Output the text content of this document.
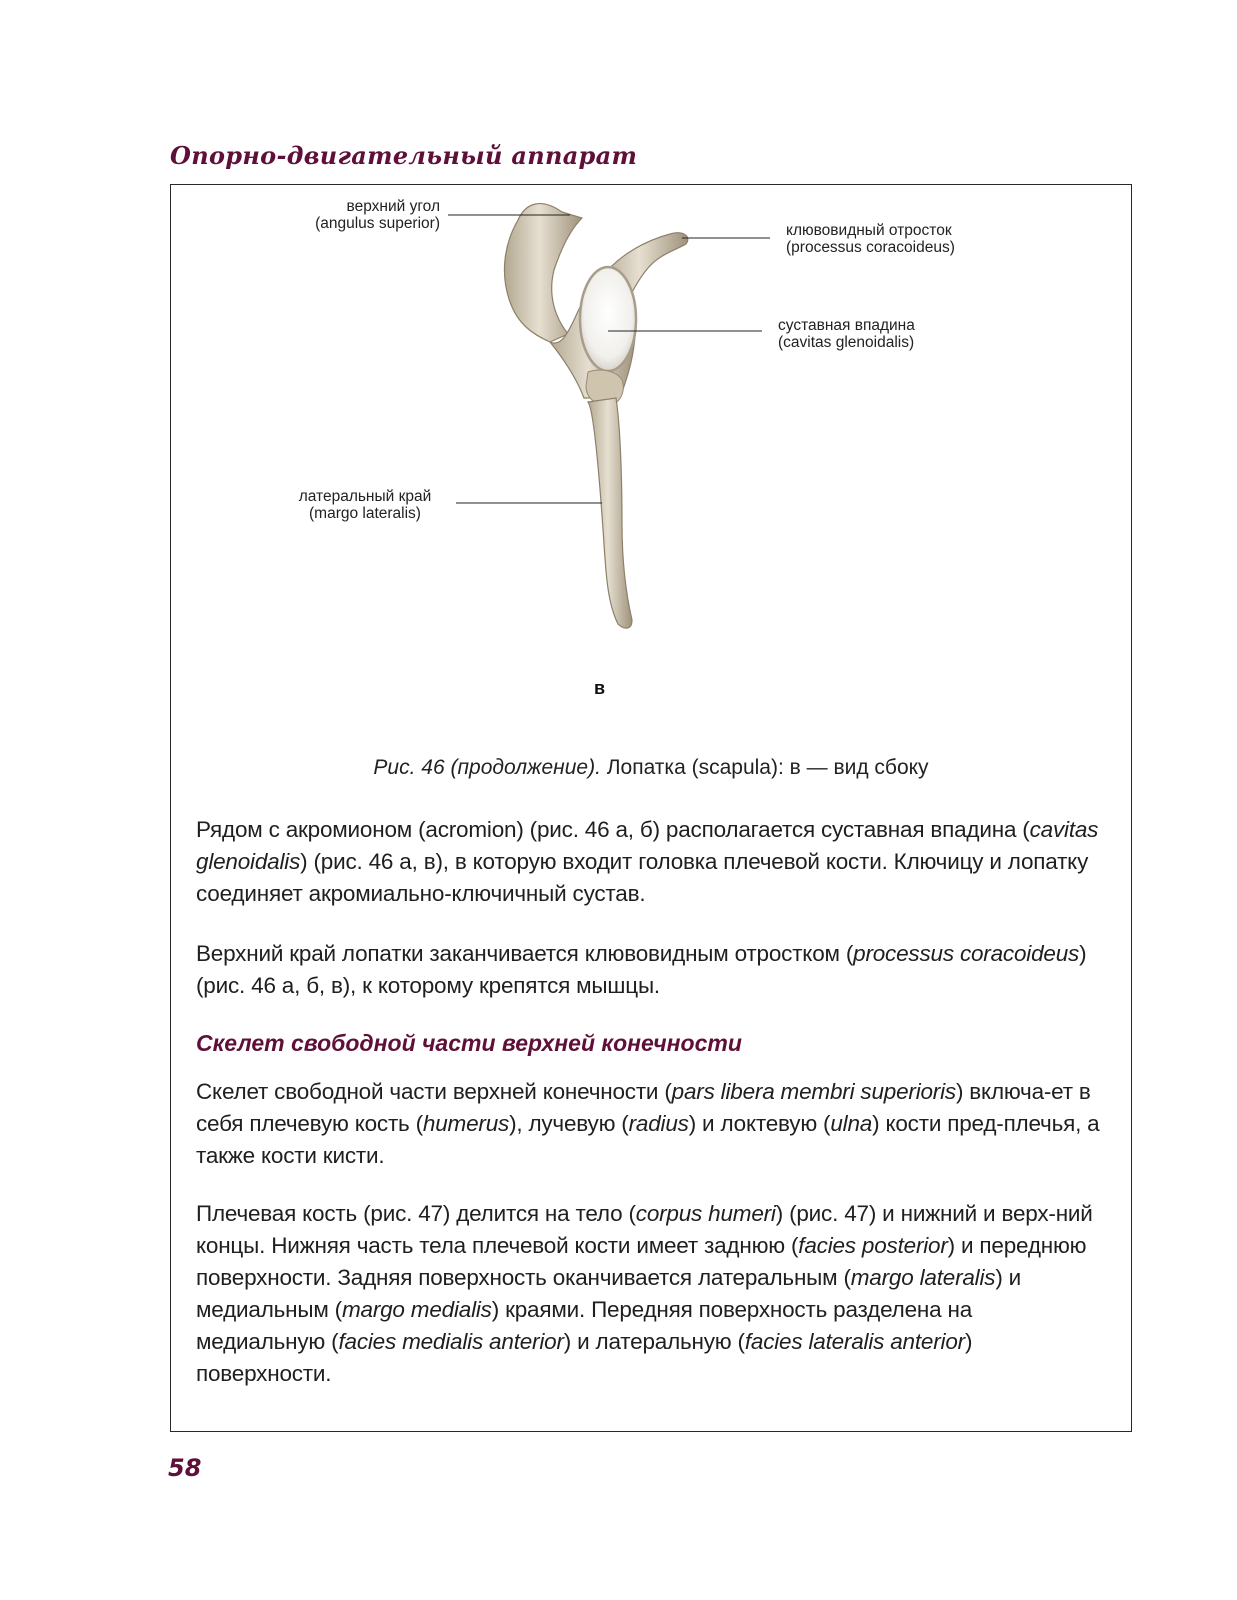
Опорно-двигательный аппарат
верхний угол
(angulus superior)	клювовидный отросток
(processus coracoideus)
суставная впадина
(cavitas glenoidalis)
латеральный край
(margo lateralis)
в
Рис. 46 (продолжение). Лопатка (scapula): в — вид сбоку
Рядом с акромионом (acromion) (рис. 46 а, б) располагается суставная впадина (cavitas glenoidalis) (рис. 46 а, в), в которую входит головка плечевой кости. Ключицу и лопатку соединяет акромиально-ключичный сустав.
Верхний край лопатки заканчивается клювовидным отростком (processus coracoideus) (рис. 46 а, б, в), к которому крепятся мышцы.
Скелет свободной части верхней конечности
Скелет свободной части верхней конечности (pars libera membri superioris) включа-ет в себя плечевую кость (humerus), лучевую (radius) и локтевую (ulna) кости пред-плечья, а также кости кисти.
Плечевая кость (рис. 47) делится на тело (corpus humeri) (рис. 47) и нижний и верх-ний концы. Нижняя часть тела плечевой кости имеет заднюю (facies posterior) и переднюю поверхности. Задняя поверхность оканчивается латеральным (margo lateralis) и медиальным (margo medialis) краями. Передняя поверхность разделена на медиальную (facies medialis anterior) и латеральную (facies lateralis anterior) поверхности.
58
